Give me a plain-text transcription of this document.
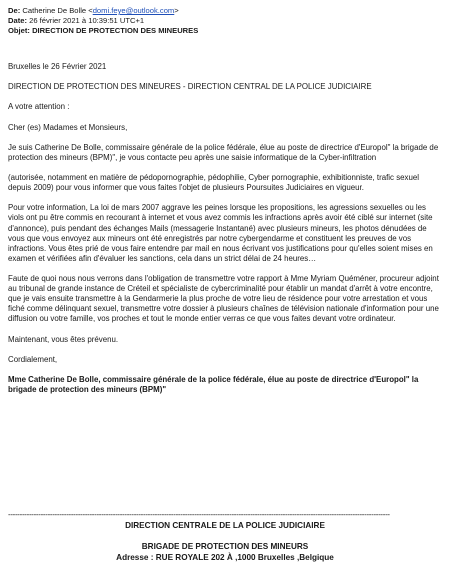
De: Catherine De Bolle <domi.feye@outlook.com>
Date: 26 février 2021 à 10:39:51 UTC+1
Objet: DIRECTION DE PROTECTION DES MINEURES

Bruxelles le 26 Février 2021

DIRECTION DE PROTECTION DES MINEURES - DIRECTION CENTRAL DE LA POLICE JUDICIAIRE

A votre attention :

Cher (es) Madames et Monsieurs,

Je suis Catherine De Bolle, commissaire générale de la police fédérale, élue au poste de directrice d'Europol" la brigade de protection des mineurs (BPM)", je vous contacte peu après une saisie informatique de la Cyber-infiltration

(autorisée, notamment en matière de pédopornographie, pédophilie, Cyber pornographie, exhibitionniste, trafic sexuel depuis 2009) pour vous informer que vous faites l'objet de plusieurs Poursuites Judiciaires en vigueur.

Pour votre information, La loi de mars 2007 aggrave les peines lorsque les propositions, les agressions sexuelles ou les viols ont pu être commis en recourant à internet et vous avez commis les infractions après avoir été ciblé sur internet (site d'annonce), puis pendant des échanges Mails (messagerie Instantané) avec plusieurs mineurs, les photos dénudées de vous que vous envoyez aux mineurs ont été enregistrés par notre cybergendarme et constituent les preuves de vos infractions. Vous êtes prié de vous faire entendre par mail en nous écrivant vos justifications pour qu'elles soient mises en examen et vérifiées afin d'évaluer les sanctions, cela dans un strict délai de 24 heures…

Faute de quoi nous nous verrons dans l'obligation de transmettre votre rapport à Mme Myriam Quéméner, procureur adjoint au tribunal de grande instance de Créteil et spécialiste de cybercriminalité pour établir un mandat d'arrêt à votre encontre, que je vais ensuite transmettre à la Gendarmerie la plus proche de votre lieu de résidence pour votre arrestation et vous fiché comme délinquant sexuel, transmettre votre dossier à plusieurs chaînes de télévision nationale d'information pour une diffusion ou votre famille, vos proches et tout le monde entier verras ce que vous faites devant votre ordinateur.

Maintenant, vous êtes prévenu.

Cordialement,

Mme Catherine De Bolle, commissaire générale de la police fédérale, élue au poste de directrice d'Europol" la brigade de protection des mineurs (BPM)"

--------------------------------------------------------------------------------------------------------------------------------------------------------------------
DIRECTION CENTRALE DE LA POLICE JUDICIAIRE
BRIGADE DE PROTECTION DES MINEURS
Adresse : RUE ROYALE 202 À ,1000 Bruxelles ,Belgique
